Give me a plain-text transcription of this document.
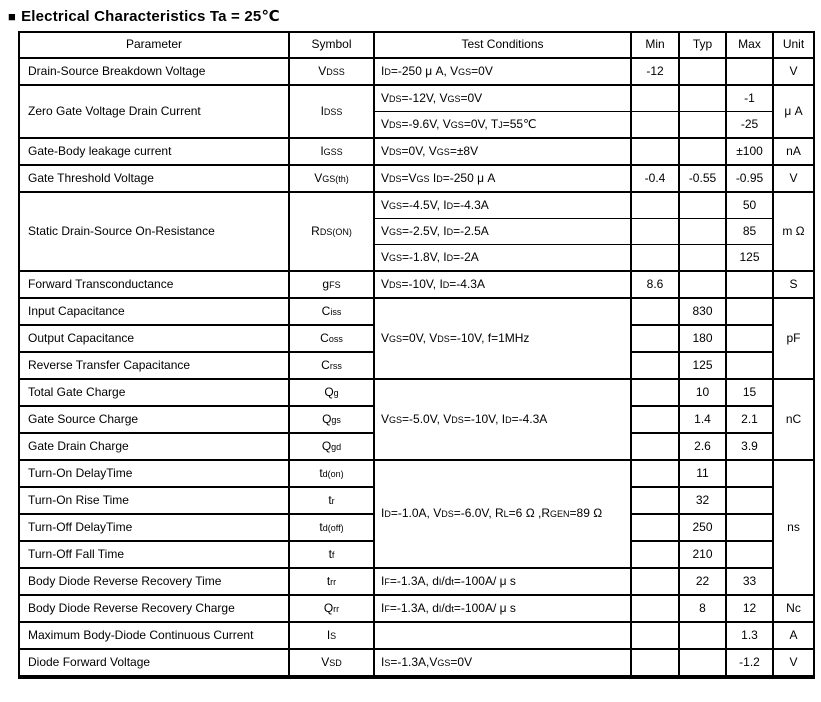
■ Electrical Characteristics Ta = 25℃
Parameter	Symbol	Test Conditions	Min	Typ	Max	Unit
Drain-Source Breakdown Voltage	VDSS	ID=-250 μ A, VGS=0V	-12			V
Zero Gate Voltage Drain Current	IDSS	VDS=-12V, VGS=0V			-1	μ A
		VDS=-9.6V, VGS=0V, TJ=55℃			-25	
Gate-Body leakage current	IGSS	VDS=0V, VGS=±8V			±100	nA
Gate Threshold Voltage	VGS(th)	VDS=VGS ID=-250 μ A	-0.4	-0.55	-0.95	V
Static Drain-Source On-Resistance	RDS(ON)	VGS=-4.5V, ID=-4.3A			50	m Ω
		VGS=-2.5V, ID=-2.5A			85	
		VGS=-1.8V, ID=-2A			125	
Forward Transconductance	gFS	VDS=-10V, ID=-4.3A	8.6			S
Input Capacitance	Ciss	VGS=0V, VDS=-10V, f=1MHz		830		pF
Output Capacitance	Coss			180		
Reverse Transfer Capacitance	Crss			125		
Total Gate Charge	Qg	VGS=-5.0V, VDS=-10V, ID=-4.3A		10	15	nC
Gate Source Charge	Qgs			1.4	2.1	
Gate Drain Charge	Qgd			2.6	3.9	
Turn-On DelayTime	td(on)	ID=-1.0A, VDS=-6.0V, RL=6 Ω ,RGEN=89 Ω		11		ns
Turn-On Rise Time	tr			32		
Turn-Off DelayTime	td(off)			250		
Turn-Off Fall Time	tf			210		
Body Diode Reverse Recovery Time	trr	IF=-1.3A, dI/dt=-100A/ μ s		22	33	
Body Diode Reverse Recovery Charge	Qrr	IF=-1.3A, dI/dt=-100A/ μ s		8	12	Nc
Maximum Body-Diode Continuous Current	IS				1.3	A
Diode Forward Voltage	VSD	IS=-1.3A,VGS=0V			-1.2	V
